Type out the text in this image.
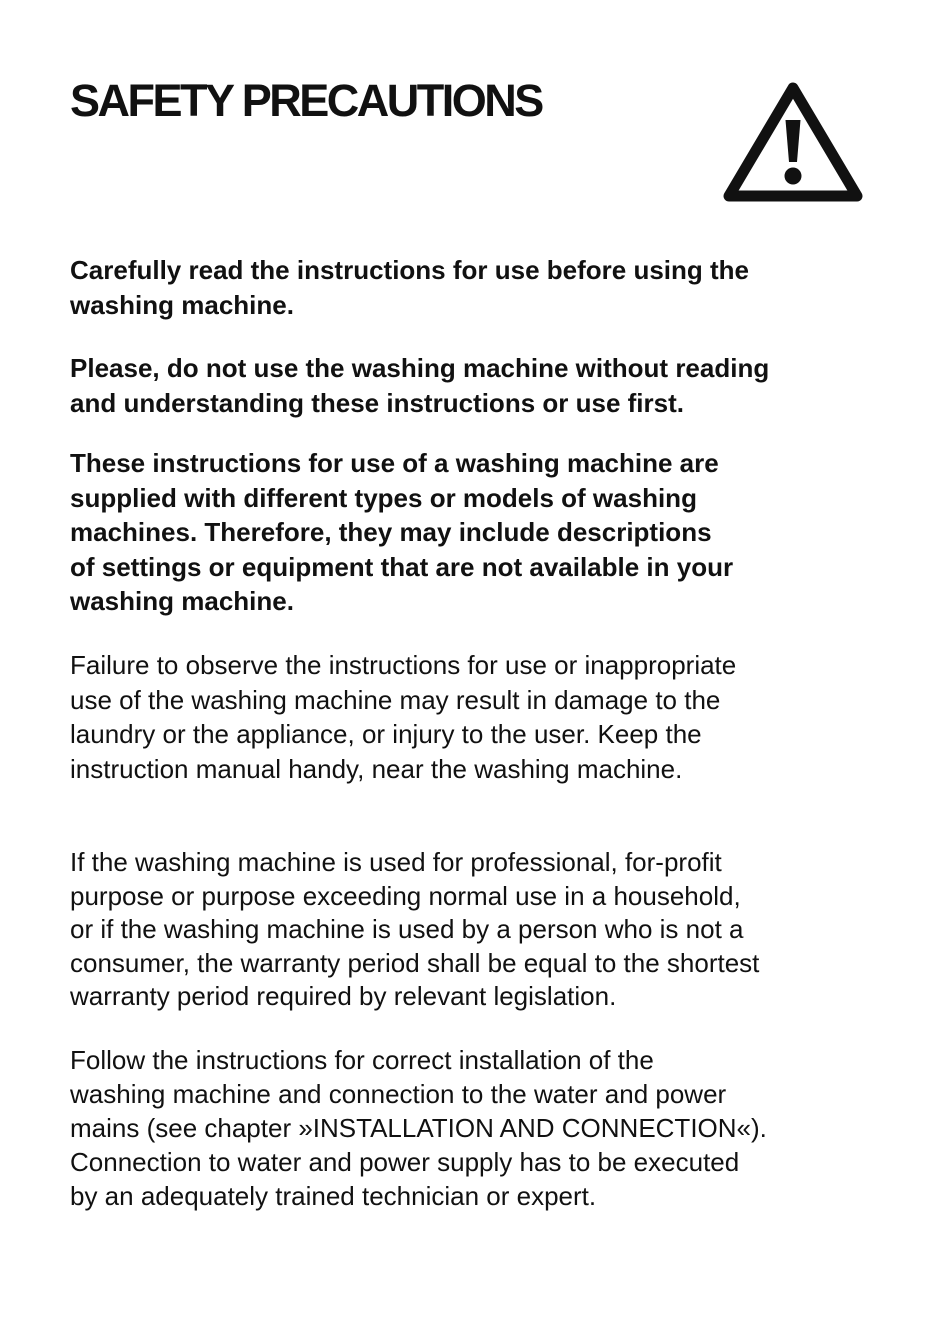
SAFETY PRECAUTIONS

Carefully read the instructions for use before using the
washing machine.

Please, do not use the washing machine without reading
and understanding these instructions or use first.

These instructions for use of a washing machine are
supplied with different types or models of washing
machines. Therefore, they may include descriptions
of settings or equipment that are not available in your
washing machine.

Failure to observe the instructions for use or inappropriate
use of the washing machine may result in damage to the
laundry or the appliance, or injury to the user. Keep the
instruction manual handy, near the washing machine.

If the washing machine is used for professional, for-profit
purpose or purpose exceeding normal use in a household,
or if the washing machine is used by a person who is not a
consumer, the warranty period shall be equal to the shortest
warranty period required by relevant legislation.

Follow the instructions for correct installation of the
washing machine and connection to the water and power
mains (see chapter »INSTALLATION AND CONNECTION«).
Connection to water and power supply has to be executed
by an adequately trained technician or expert.
